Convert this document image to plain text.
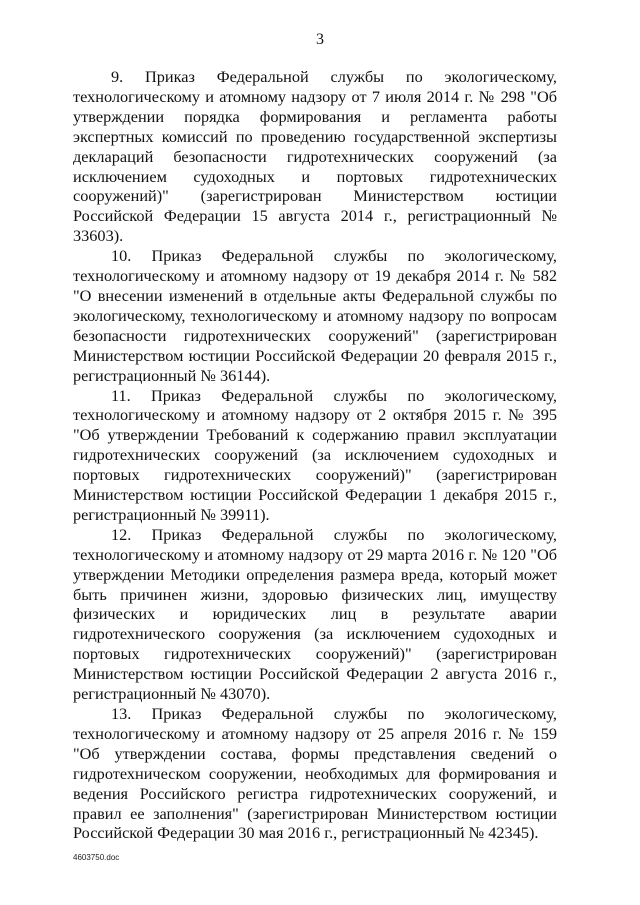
3

9. Приказ Федеральной службы по экологическому, технологическому и атомному надзору от 7 июля 2014 г. № 298 "Об утверждении порядка формирования и регламента работы экспертных комиссий по проведению государственной экспертизы деклараций безопасности гидротехнических сооружений (за исключением судоходных и портовых гидротехнических сооружений)" (зарегистрирован Министерством юстиции Российской Федерации 15 августа 2014 г., регистрационный № 33603).

10. Приказ Федеральной службы по экологическому, технологическому и атомному надзору от 19 декабря 2014 г. № 582 "О внесении изменений в отдельные акты Федеральной службы по экологическому, технологическому и атомному надзору по вопросам безопасности гидротехнических сооружений" (зарегистрирован Министерством юстиции Российской Федерации 20 февраля 2015 г., регистрационный № 36144).

11. Приказ Федеральной службы по экологическому, технологическому и атомному надзору от 2 октября 2015 г. № 395 "Об утверждении Требований к содержанию правил эксплуатации гидротехнических сооружений (за исключением судоходных и портовых гидротехнических сооружений)" (зарегистрирован Министерством юстиции Российской Федерации 1 декабря 2015 г., регистрационный № 39911).

12. Приказ Федеральной службы по экологическому, технологическому и атомному надзору от 29 марта 2016 г. № 120 "Об утверждении Методики определения размера вреда, который может быть причинен жизни, здоровью физических лиц, имуществу физических и юридических лиц в результате аварии гидротехнического сооружения (за исключением судоходных и портовых гидротехнических сооружений)" (зарегистрирован Министерством юстиции Российской Федерации 2 августа 2016 г., регистрационный № 43070).

13. Приказ Федеральной службы по экологическому, технологическому и атомному надзору от 25 апреля 2016 г. № 159 "Об утверждении состава, формы представления сведений о гидротехническом сооружении, необходимых для формирования и ведения Российского регистра гидротехнических сооружений, и правил ее заполнения" (зарегистрирован Министерством юстиции Российской Федерации 30 мая 2016 г., регистрационный № 42345).

4603750.doc
